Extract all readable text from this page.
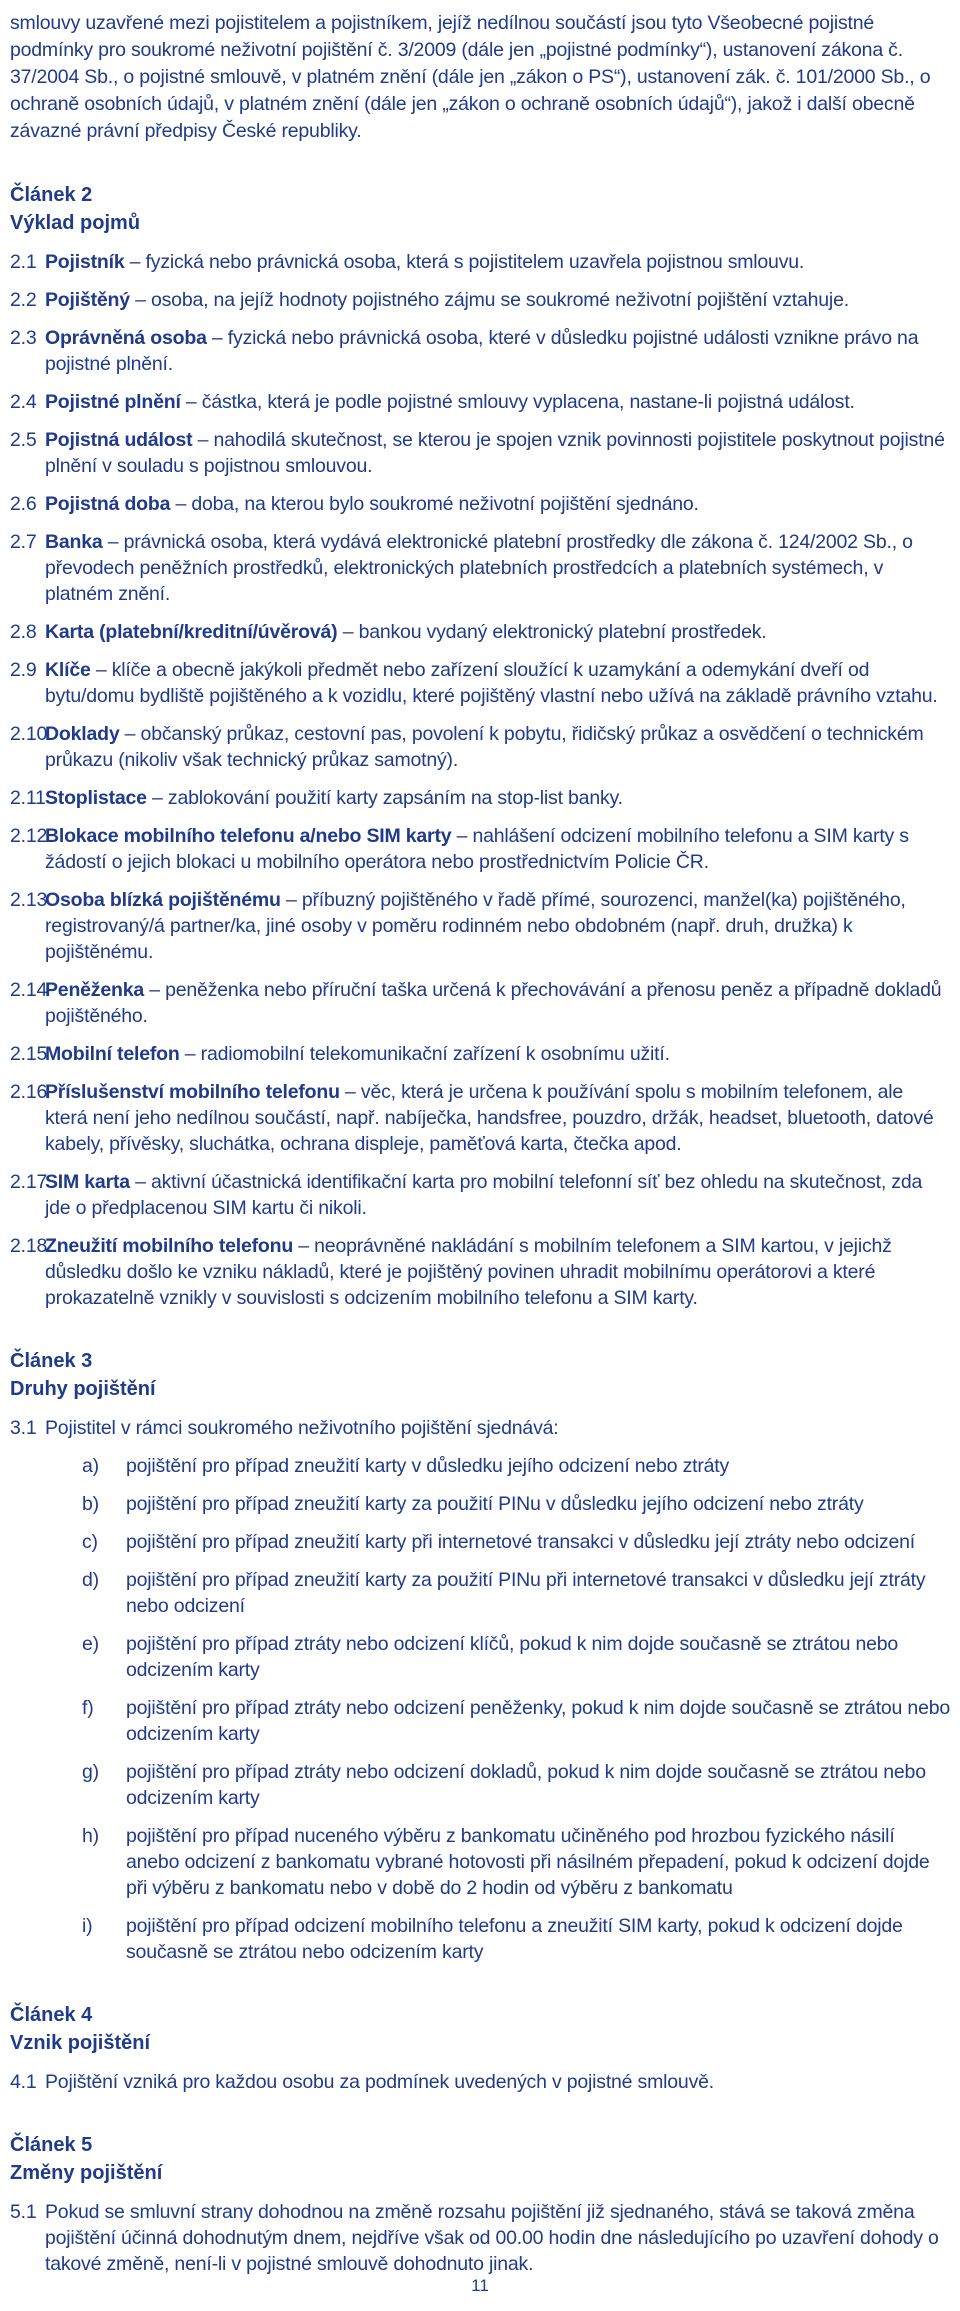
smlouvy uzavřené mezi pojistitelem a pojistníkem, jejíž nedílnou součástí jsou tyto Všeobecné pojistné podmínky pro soukromé neživotní pojištění č. 3/2009 (dále jen „pojistné podmínky“), ustanovení zákona č. 37/2004 Sb., o pojistné smlouvě, v platném znění (dále jen „zákon o PS“), ustanovení zák. č. 101/2000 Sb., o ochraně osobních údajů, v platném znění (dále jen „zákon o ochraně osobních údajů“), jakož i další obecně závazné právní předpisy České republiky.

Článek 2

Výklad pojmů

2.1 Pojistník – fyzická nebo právnická osoba, která s pojistitelem uzavřela pojistnou smlouvu.
2.2 Pojištěný – osoba, na jejíž hodnoty pojistného zájmu se soukromé neživotní pojištění vztahuje.
2.3 Oprávněná osoba – fyzická nebo právnická osoba, které v důsledku pojistné události vznikne právo na pojistné plnění.
2.4 Pojistné plnění – částka, která je podle pojistné smlouvy vyplacena, nastane-li pojistná událost.
2.5 Pojistná událost – nahodilá skutečnost, se kterou je spojen vznik povinnosti pojistitele poskytnout pojistné plnění v souladu s pojistnou smlouvou.
2.6 Pojistná doba – doba, na kterou bylo soukromé neživotní pojištění sjednáno.
2.7 Banka – právnická osoba, která vydává elektronické platební prostředky dle zákona č. 124/2002 Sb., o převodech peněžních prostředků, elektronických platebních prostředcích a platebních systémech, v platném znění.
2.8 Karta (platební/kreditní/úvěrová) – bankou vydaný elektronický platební prostředek.
2.9 Klíče – klíče a obecně jakýkoli předmět nebo zařízení sloužící k uzamykání a odemykání dveří od bytu/domu bydliště pojištěného a k vozidlu, které pojištěný vlastní nebo užívá na základě právního vztahu.
2.10
Doklady – občanský průkaz, cestovní pas, povolení k pobytu, řidičský průkaz a osvědčení o technickém průkazu (nikoliv však technický průkaz samotný).
2.11 Stoplistace – zablokování použití karty zapsáním na stop-list banky.
2.12
Blokace mobilního telefonu a/nebo SIM karty – nahlášení odcizení mobilního telefonu a SIM karty s žádostí o jejich blokaci u mobilního operátora nebo prostřednictvím Policie ČR.
2.13
Osoba blízká pojištěnému – příbuzný pojištěného v řadě přímé, sourozenci, manžel(ka) pojištěného, registrovaný/á partner/ka, jiné osoby v poměru rodinném nebo obdobném (např. druh, družka) k pojištěnému.
2.14
Peněženka – peněženka nebo příruční taška určená k přechovávání a přenosu peněz a případně dokladů pojištěného.
2.15
Mobilní telefon – radiomobilní telekomunikační zařízení k osobnímu užití.
2.16
Příslušenství mobilního telefonu – věc, která je určena k používání spolu s mobilním telefonem, ale která není jeho nedílnou součástí, např. nabíječka, handsfree, pouzdro, držák, headset, bluetooth, datové kabely, přívěsky, sluchátka, ochrana displeje, paměťová karta, čtečka apod.
2.17
SIM karta – aktivní účastnická identifikační karta pro mobilní telefonní síť bez ohledu na skutečnost, zda jde o předplacenou SIM kartu či nikoli.
2.18
Zneužití mobilního telefonu – neoprávněné nakládání s mobilním telefonem a SIM kartou, v jejichž důsledku došlo ke vzniku nákladů, které je pojištěný povinen uhradit mobilnímu operátorovi a které prokazatelně vznikly v souvislosti s odcizením mobilního telefonu a SIM karty.

Článek 3

Druhy pojištění

3.1 Pojistitel v rámci soukromého neživotního pojištění sjednává:
a)	pojištění pro případ zneužití karty v důsledku jejího odcizení nebo ztráty
b)	pojištění pro případ zneužití karty za použití PINu v důsledku jejího odcizení nebo ztráty
c)	pojištění pro případ zneužití karty při internetové transakci v důsledku její ztráty nebo odcizení
d)	pojištění pro případ zneužití karty za použití PINu při internetové transakci v důsledku její ztráty nebo odcizení
e)	pojištění pro případ ztráty nebo odcizení klíčů, pokud k nim dojde současně se ztrátou nebo odcizením karty
f)	pojištění pro případ ztráty nebo odcizení peněženky, pokud k nim dojde současně se ztrátou nebo odcizením karty
g)	pojištění pro případ ztráty nebo odcizení dokladů, pokud k nim dojde současně se ztrátou nebo odcizením karty
h)	pojištění pro případ nuceného výběru z bankomatu učiněného pod hrozbou fyzického násilí anebo odcizení z bankomatu vybrané hotovosti při násilném přepadení, pokud k odcizení dojde při výběru z bankomatu nebo v době do 2 hodin od výběru z bankomatu
i)	pojištění pro případ odcizení mobilního telefonu a zneužití SIM karty, pokud k odcizení dojde současně se ztrátou nebo odcizením karty

Článek 4

Vznik pojištění

4.1 Pojištění vzniká pro každou osobu za podmínek uvedených v pojistné smlouvě.

Článek 5

Změny pojištění

5.1 Pokud se smluvní strany dohodnou na změně rozsahu pojištění již sjednaného, stává se taková změna pojištění účinná dohodnutým dnem, nejdříve však od 00.00 hodin dne následujícího po uzavření dohody o takové změně, není-li v pojistné smlouvě dohodnuto jinak.
11
